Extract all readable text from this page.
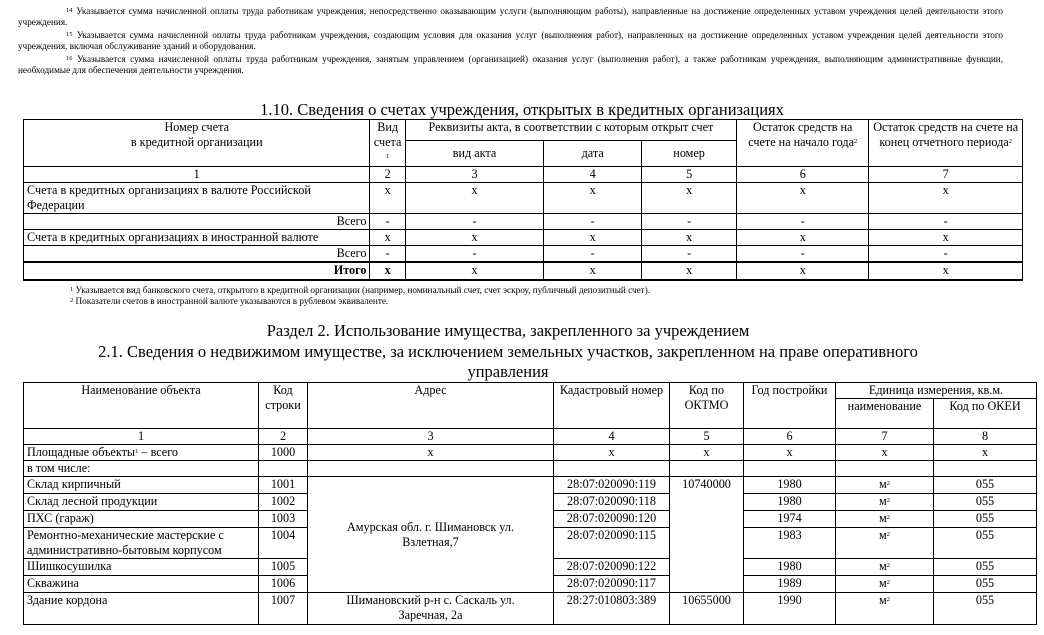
$^{14}$ Указывается сумма начисленной оплаты труда работникам учреждения, непосредственно оказывающим услуги (выполняющим работы), направленные на достижение определенных уставом учреждения целей деятельности этого учреждения.
$^{15}$ Указывается сумма начисленной оплаты труда работникам учреждения, создающим условия для оказания услуг (выполнения работ), направленных на достижение определенных уставом учреждения целей деятельности этого учреждения, включая обслуживание зданий и оборудования.
$^{16}$ Указывается сумма начисленной оплаты труда работникам учреждения, занятым управлением (организацией) оказания услуг (выполнения работ), а также работникам учреждения, выполняющим административные функции, необходимые для обеспечения деятельности учреждения.
1.10. Сведения о счетах учреждения, открытых в кредитных организациях
Номер счета
в кредитной организации	Вид
счета
$^1$	Реквизиты акта, в соответствии с которым открыт счет			Остаток средств на счете на начало года$^2$	Остаток средств на счете на конец отчетного периода$^2$
		вид акта	дата	номер		
1	2	3	4	5	6	7
Счета в кредитных организациях в валюте Российской Федерации	x	x	x	x	x	x
Всего	-	-	-	-	-	-
Счета в кредитных организациях в иностранной валюте	x	x	x	x	x	x
Всего	-	-	-	-	-	-
Итого	x	x	x	x	x	x
$^1$ Указывается вид банковского счета, открытого в кредитной организации (например, номинальный счет, счет эскроу, публичный депозитный счет).
$^2$ Показатели счетов в иностранной валюте указываются в рублевом эквиваленте.
Раздел 2. Использование имущества, закрепленного за учреждением
2.1. Сведения о недвижимом имуществе, за исключением земельных участков, закрепленном на праве оперативного
управления
Наименование объекта	Код строки	Адрес	Кадастровый номер	Код по ОКТМО	Год постройки	Единица измерения, кв.м.	
						наименование	Код по ОКЕИ
1	2	3	4	5	6	7	8
Площадные объекты$^1$ – всего	1000	x	x	x	x	x	x
в том числе:							
Склад кирпичный	1001	Амурская обл. г. Шимановск ул. Взлетная,7	28:07:020090:119	10740000	1980	$м^2$	055
Склад лесной продукции	1002		28:07:020090:118		1980	$м^2$	055
ПХС (гараж)	1003		28:07:020090:120		1974	$м^2$	055
Ремонтно-механические мастерские с административно-бытовым корпусом	1004		28:07:020090:115		1983	$м^2$	055
Шишкосушилка	1005		28:07:020090:122		1980	$м^2$	055
Скважина	1006		28:07:020090:117		1989	$м^2$	055
Здание кордона	1007	Шимановский р-н с. Саскаль ул. Заречная, 2а	28:27:010803:389	10655000	1990	$м^2$	055
